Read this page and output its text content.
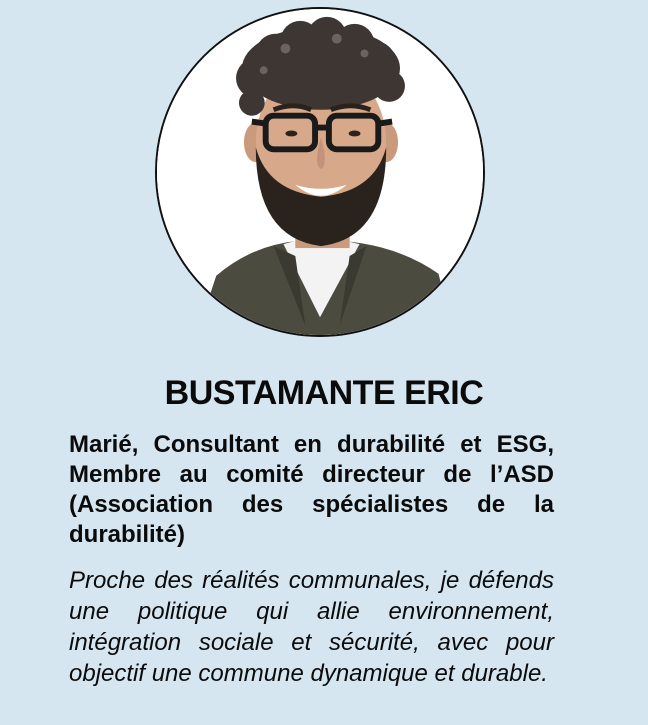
BUSTAMANTE ERIC

Marié, Consultant en durabilité et ESG, Membre au comité directeur de l’ASD (Association des spécialistes de la durabilité)

Proche des réalités communales, je défends une politique qui allie environnement, intégration sociale et sécurité, avec pour objectif une commune dynamique et durable.
